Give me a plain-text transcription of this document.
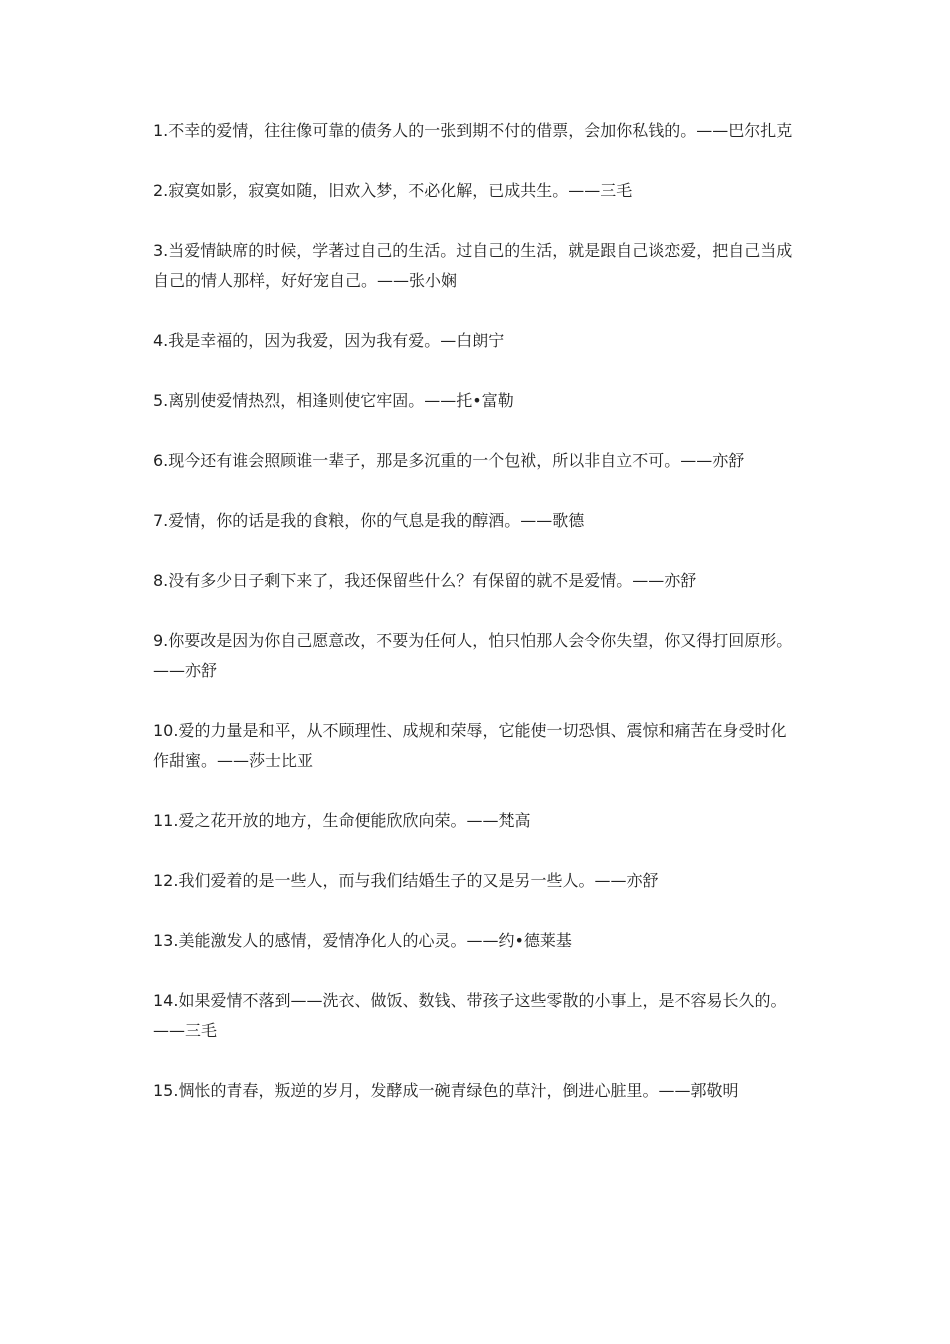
1.不幸的爱情，往往像可靠的债务人的一张到期不付的借票，会加你私钱的。——巴尔扎克
2.寂寞如影，寂寞如随，旧欢入梦，不必化解，已成共生。——三毛
3.当爱情缺席的时候，学著过自己的生活。过自己的生活，就是跟自己谈恋爱，把自己当成自己的情人那样，好好宠自己。——张小娴
4.我是幸福的，因为我爱，因为我有爱。—白朗宁
5.离别使爱情热烈，相逢则使它牢固。——托•富勒
6.现今还有谁会照顾谁一辈子，那是多沉重的一个包袱，所以非自立不可。——亦舒
7.爱情，你的话是我的食粮，你的气息是我的醇酒。——歌德
8.没有多少日子剩下来了，我还保留些什么？有保留的就不是爱情。——亦舒
9.你要改是因为你自己愿意改，不要为任何人，怕只怕那人会令你失望，你又得打回原形。——亦舒
10.爱的力量是和平，从不顾理性、成规和荣辱，它能使一切恐惧、震惊和痛苦在身受时化作甜蜜。——莎士比亚
11.爱之花开放的地方，生命便能欣欣向荣。——梵高
12.我们爱着的是一些人，而与我们结婚生子的又是另一些人。——亦舒
13.美能激发人的感情，爱情净化人的心灵。——约•德莱基
14.如果爱情不落到——洗衣、做饭、数钱、带孩子这些零散的小事上，是不容易长久的。——三毛
15.惆怅的青春，叛逆的岁月，发酵成一碗青绿色的草汁，倒进心脏里。——郭敬明
